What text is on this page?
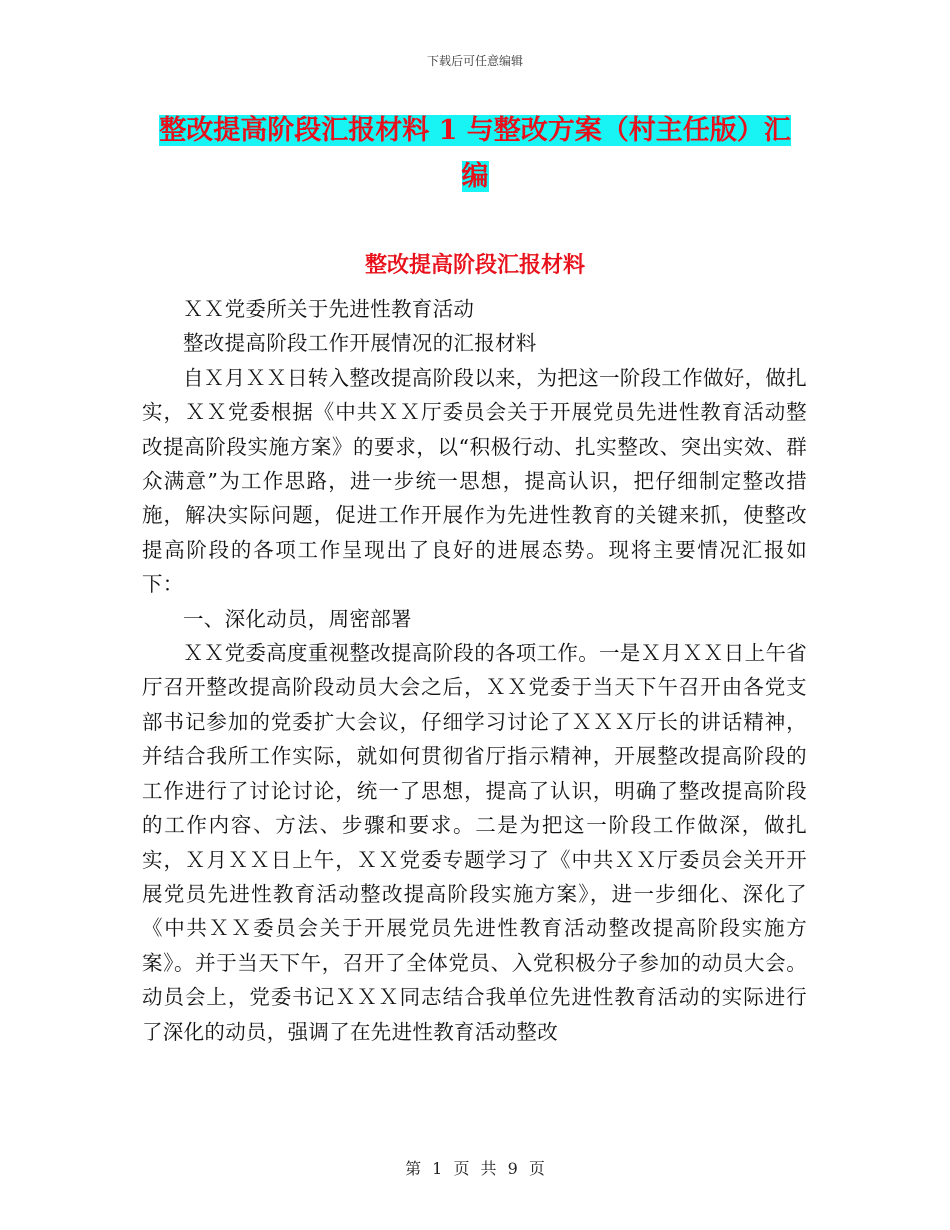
下载后可任意编辑
整改提高阶段汇报材料 1 与整改方案（村主任版）汇
编
整改提高阶段汇报材料

ＸＸ党委所关于先进性教育活动

整改提高阶段工作开展情况的汇报材料

自Ｘ月ＸＸ日转入整改提高阶段以来，为把这一阶段工作做好，做扎实，ＸＸ党委根据《中共ＸＸ厅委员会关于开展党员先进性教育活动整改提高阶段实施方案》的要求，以“积极行动、扎实整改、突出实效、群众满意”为工作思路，进一步统一思想，提高认识，把仔细制定整改措施，解决实际问题，促进工作开展作为先进性教育的关键来抓，使整改提高阶段的各项工作呈现出了良好的进展态势。现将主要情况汇报如下：

一、深化动员，周密部署

ＸＸ党委高度重视整改提高阶段的各项工作。一是Ｘ月ＸＸ日上午省厅召开整改提高阶段动员大会之后，ＸＸ党委于当天下午召开由各党支部书记参加的党委扩大会议，仔细学习讨论了ＸＸＸ厅长的讲话精神，并结合我所工作实际，就如何贯彻省厅指示精神，开展整改提高阶段的工作进行了讨论讨论，统一了思想，提高了认识，明确了整改提高阶段的工作内容、方法、步骤和要求。二是为把这一阶段工作做深，做扎实，Ｘ月ＸＸ日上午，ＸＸ党委专题学习了《中共ＸＸ厅委员会关开开展党员先进性教育活动整改提高阶段实施方案》，进一步细化、深化了《中共ＸＸ委员会关于开展党员先进性教育活动整改提高阶段实施方案》。并于当天下午，召开了全体党员、入党积极分子参加的动员大会。动员会上，党委书记ＸＸＸ同志结合我单位先进性教育活动的实际进行了深化的动员，强调了在先进性教育活动整改

第 1 页 共 9 页
